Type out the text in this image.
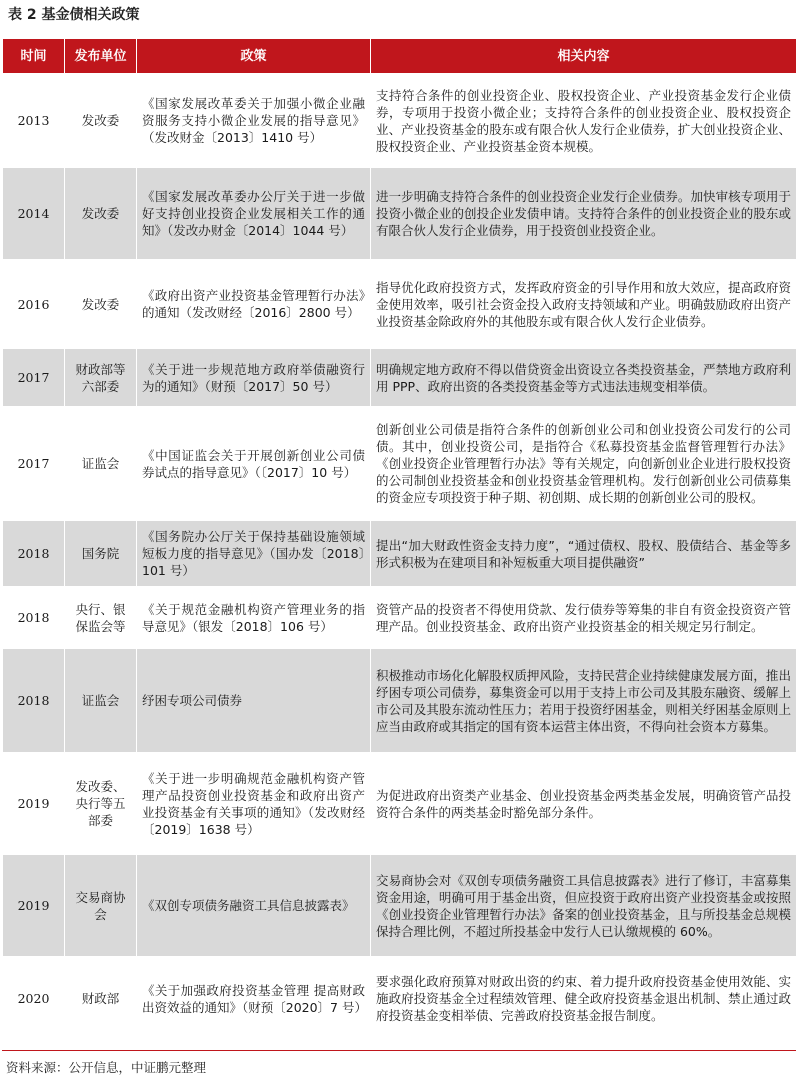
表 2 基金债相关政策
时间	发布单位	政策	相关内容
2013	发改委	《国家发展改革委关于加强小微企业融资服务支持小微企业发展的指导意见》（发改财金〔2013〕1410 号）	支持符合条件的创业投资企业、股权投资企业、产业投资基金发行企业债券，专项用于投资小微企业；支持符合条件的创业投资企业、股权投资企业、产业投资基金的股东或有限合伙人发行企业债券，扩大创业投资企业、股权投资企业、产业投资基金资本规模。
2014	发改委	《国家发展改革委办公厅关于进一步做好支持创业投资企业发展相关工作的通知》（发改办财金〔2014〕1044 号）	进一步明确支持符合条件的创业投资企业发行企业债券。加快审核专项用于投资小微企业的创投企业发债申请。支持符合条件的创业投资企业的股东或有限合伙人发行企业债券，用于投资创业投资企业。
2016	发改委	《政府出资产业投资基金管理暂行办法》的通知（发改财经〔2016〕2800 号）	指导优化政府投资方式，发挥政府资金的引导作用和放大效应，提高政府资金使用效率，吸引社会资金投入政府支持领域和产业。明确鼓励政府出资产业投资基金除政府外的其他股东或有限合伙人发行企业债券。
2017	财政部等六部委	《关于进一步规范地方政府举债融资行为的通知》（财预〔2017〕50 号）	明确规定地方政府不得以借贷资金出资设立各类投资基金，严禁地方政府利用 PPP、政府出资的各类投资基金等方式违法违规变相举债。
2017	证监会	《中国证监会关于开展创新创业公司债券试点的指导意见》（〔2017〕10 号）	创新创业公司债是指符合条件的创新创业公司和创业投资公司发行的公司债。其中，创业投资公司，是指符合《私募投资基金监督管理暂行办法》《创业投资企业管理暂行办法》等有关规定，向创新创业企业进行股权投资的公司制创业投资基金和创业投资基金管理机构。发行创新创业公司债募集的资金应专项投资于种子期、初创期、成长期的创新创业公司的股权。
2018	国务院	《国务院办公厅关于保持基础设施领域短板力度的指导意见》（国办发〔2018〕101 号）	提出“加大财政性资金支持力度”，“通过债权、股权、股债结合、基金等多形式积极为在建项目和补短板重大项目提供融资”
2018	央行、银保监会等	《关于规范金融机构资产管理业务的指导意见》（银发〔2018〕106 号）	资管产品的投资者不得使用贷款、发行债券等筹集的非自有资金投资资产管理产品。创业投资基金、政府出资产业投资基金的相关规定另行制定。
2018	证监会	纾困专项公司债券	积极推动市场化化解股权质押风险，支持民营企业持续健康发展方面，推出纾困专项公司债券，募集资金可以用于支持上市公司及其股东融资、缓解上市公司及其股东流动性压力；若用于投资纾困基金，则相关纾困基金原则上应当由政府或其指定的国有资本运营主体出资，不得向社会资本方募集。
2019	发改委、央行等五部委	《关于进一步明确规范金融机构资产管理产品投资创业投资基金和政府出资产业投资基金有关事项的通知》（发改财经〔2019〕1638 号）	为促进政府出资类产业基金、创业投资基金两类基金发展，明确资管产品投资符合条件的两类基金时豁免部分条件。
2019	交易商协会	《双创专项债务融资工具信息披露表》	交易商协会对《双创专项债务融资工具信息披露表》进行了修订，丰富募集资金用途，明确可用于基金出资，但应投资于政府出资产业投资基金或按照《创业投资企业管理暂行办法》备案的创业投资基金，且与所投基金总规模保持合理比例，不超过所投基金中发行人已认缴规模的 60%。
2020	财政部	《关于加强政府投资基金管理 提高财政出资效益的通知》（财预〔2020〕7 号）	要求强化政府预算对财政出资的约束、着力提升政府投资基金使用效能、实施政府投资基金全过程绩效管理、健全政府投资基金退出机制、禁止通过政府投资基金变相举债、完善政府投资基金报告制度。
资料来源：公开信息，中证鹏元整理
